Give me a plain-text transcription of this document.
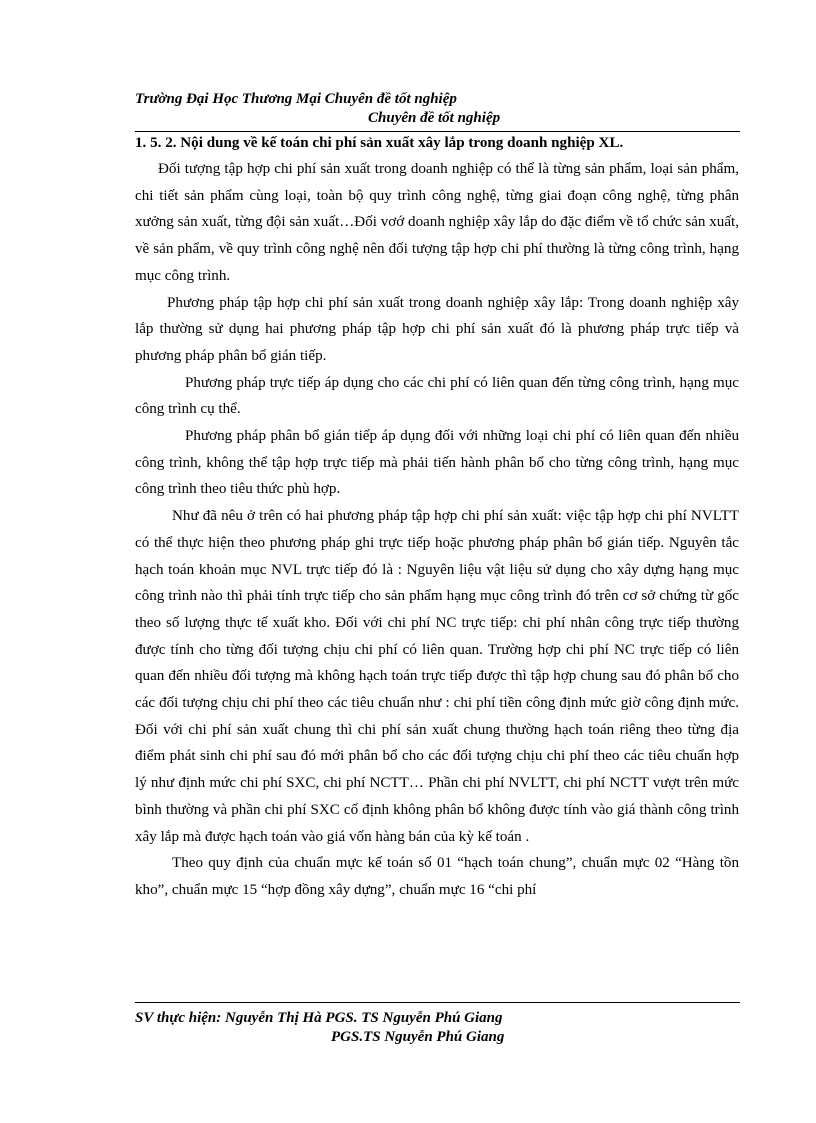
Trường Đại Học Thương Mại Chuyên đề tốt nghiệp
Chuyên đề tốt nghiệp

1. 5. 2. Nội dung về kế toán chi phí sản xuất xây lắp trong doanh nghiệp XL.

Đối tượng tập hợp chi phí sản xuất trong doanh nghiệp có thể là từng sản phẩm, loại sản phẩm, chi tiết sản phẩm cùng loại, toàn bộ quy trình công nghệ, từng giai đoạn công nghệ, từng phân xưởng sản xuất, từng đội sản xuất…Đối vơớ doanh nghiệp xây lắp do đặc điểm về tổ chức sản xuất, về sản phẩm, về quy trình công nghệ nên đối tượng tập hợp chi phí thường là từng công trình, hạng mục công trình.

Phương pháp tập hợp chi phí sản xuất trong doanh nghiệp xây lắp: Trong doanh nghiệp xây lắp thường sử dụng hai phương pháp tập hợp chi phí sản xuất đó là phương pháp trực tiếp và phương pháp phân bổ gián tiếp.

Phương pháp trực tiếp áp dụng cho các chi phí có liên quan đến từng công trình, hạng mục công trình cụ thể.

Phương pháp phân bổ gián tiếp áp dụng đối với những loại chi phí có liên quan đến nhiều công trình, không thể tập hợp trực tiếp mà phải tiến hành phân bổ cho từng công trình, hạng mục công trình theo tiêu thức phù hợp.

Như đã nêu ở trên có hai phương pháp tập hợp chi phí sản xuất: việc tập hợp chi phí NVLTT có thể thực hiện theo phương pháp ghi trực tiếp hoặc phương pháp phân bổ gián tiếp. Nguyên tắc hạch toán khoản mục NVL trực tiếp đó là : Nguyên liệu vật liệu sử dụng cho xây dựng hạng mục công trình nào thì phải tính trực tiếp cho sản phẩm hạng mục công trình đó trên cơ sở chứng từ gốc theo số lượng thực tế xuất kho. Đối với chi phí NC trực tiếp: chi phí nhân công trực tiếp thường được tính cho từng đối tượng chịu chi phí có liên quan. Trường hợp chi phí NC trực tiếp có liên quan đến nhiều đối tượng mà không hạch toán trực tiếp được thì tập hợp chung sau đó phân bổ cho các đối tượng chịu chi phí theo các tiêu chuẩn như : chi phí tiền công định mức giờ công định mức. Đối với chi phí sản xuất chung thì chi phí sản xuất chung thường hạch toán riêng theo từng địa điểm phát sinh chi phí sau đó mới phân bổ cho các đối tượng chịu chi phí theo các tiêu chuẩn hợp lý như định mức chi phí SXC, chi phí NCTT… Phần chi phí NVLTT, chi phí NCTT vượt trên mức bình thường và phần chi phí SXC cố định không phân bổ không được tính vào giá thành công trình xây lắp mà được hạch toán vào giá vốn hàng bán của kỳ kế toán .

Theo quy định của chuẩn mực kế toán số 01 “hạch toán chung”, chuẩn mực 02 “Hàng tồn kho”, chuẩn mực 15 “hợp đồng xây dựng”, chuẩn mực 16 “chi phí

SV thực hiện: Nguyễn Thị Hà PGS. TS Nguyễn Phú Giang
PGS.TS Nguyễn Phú Giang
